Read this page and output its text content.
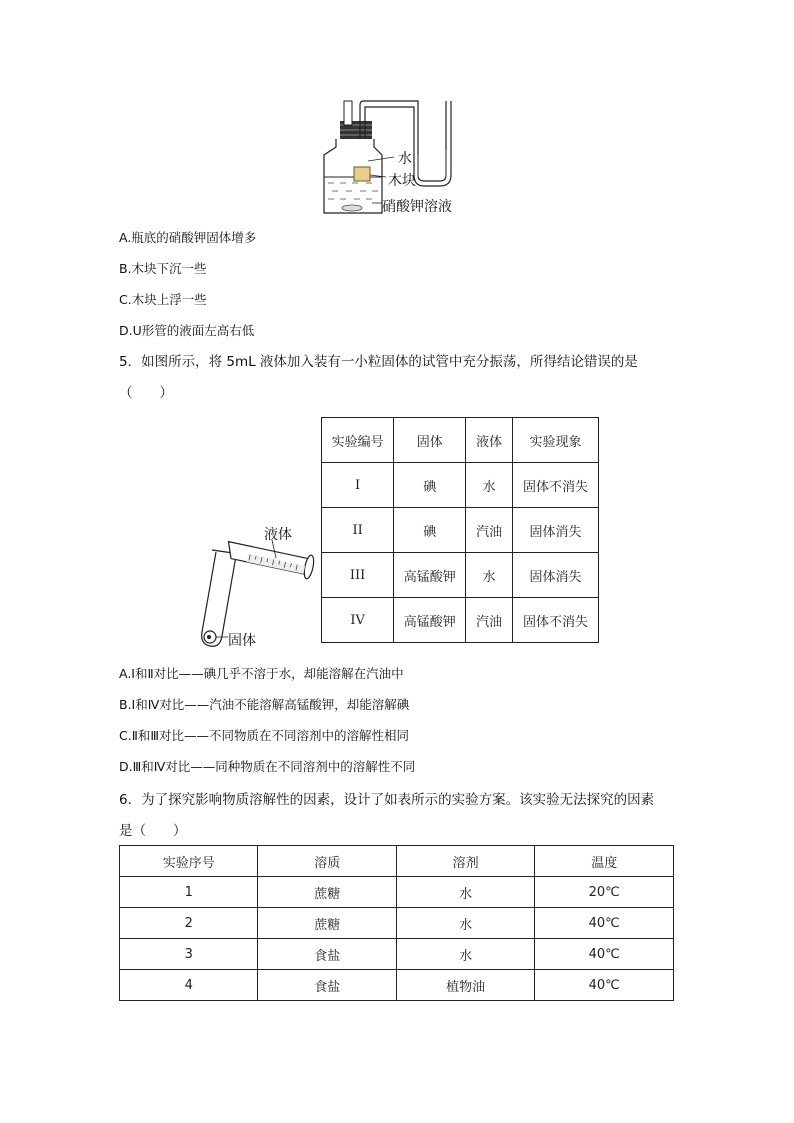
水
木块
硝酸钾溶液
A.瓶底的硝酸钾固体增多
B.木块下沉一些
C.木块上浮一些
D.U形管的液面左高右低
5．如图所示，将 5mL 液体加入装有一小粒固体的试管中充分振荡，所得结论错误的是
（　　）
液体
固体
实验编号	固体	液体	实验现象
I	碘	水	固体不消失
II	碘	汽油	固体消失
III	高锰酸钾	水	固体消失
IV	高锰酸钾	汽油	固体不消失
A.Ⅰ和Ⅱ对比——碘几乎不溶于水，却能溶解在汽油中
B.Ⅰ和Ⅳ对比——汽油不能溶解高锰酸钾，却能溶解碘
C.Ⅱ和Ⅲ对比——不同物质在不同溶剂中的溶解性相同
D.Ⅲ和Ⅳ对比——同种物质在不同溶剂中的溶解性不同
6．为了探究影响物质溶解性的因素，设计了如表所示的实验方案。该实验无法探究的因素
是（　　）
实验序号	溶质	溶剂	温度
1	蔗糖	水	20℃
2	蔗糖	水	40℃
3	食盐	水	40℃
4	食盐	植物油	40℃
